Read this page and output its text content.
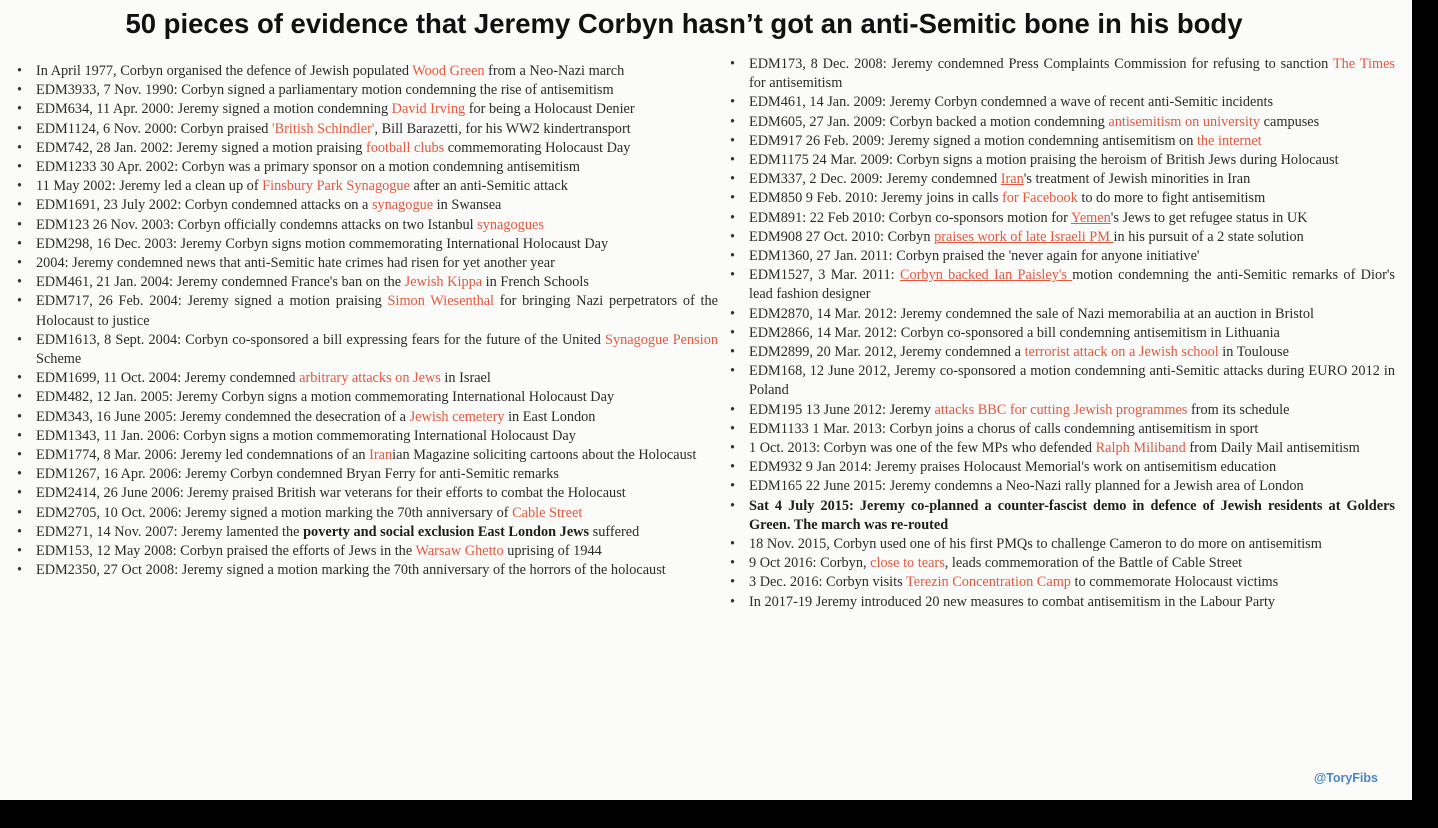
50 pieces of evidence that Jeremy Corbyn hasn’t got an anti-Semitic bone in his body
• In April 1977, Corbyn organised the defence of Jewish populated Wood Green from a Neo-Nazi march
• EDM3933, 7 Nov. 1990: Corbyn signed a parliamentary motion condemning the rise of antisemitism
• EDM634, 11 Apr. 2000: Jeremy signed a motion condemning David Irving for being a Holocaust Denier
• EDM1124, 6 Nov. 2000: Corbyn praised 'British Schindler', Bill Barazetti, for his WW2 kindertransport
• EDM742, 28 Jan. 2002: Jeremy signed a motion praising football clubs commemorating Holocaust Day
• EDM1233 30 Apr. 2002: Corbyn was a primary sponsor on a motion condemning antisemitism
• 11 May 2002: Jeremy led a clean up of Finsbury Park Synagogue after an anti-Semitic attack
• EDM1691, 23 July 2002: Corbyn condemned attacks on a synagogue in Swansea
• EDM123 26 Nov. 2003: Corbyn officially condemns attacks on two Istanbul synagogues
• EDM298, 16 Dec. 2003: Jeremy Corbyn signs motion commemorating International Holocaust Day
• 2004: Jeremy condemned news that anti-Semitic hate crimes had risen for yet another year
• EDM461, 21 Jan. 2004: Jeremy condemned France's ban on the Jewish Kippa in French Schools
• EDM717, 26 Feb. 2004: Jeremy signed a motion praising Simon Wiesenthal for bringing Nazi perpetrators of the Holocaust to justice
• EDM1613, 8 Sept. 2004: Corbyn co-sponsored a bill expressing fears for the future of the United Synagogue Pension Scheme
• EDM1699, 11 Oct. 2004: Jeremy condemned arbitrary attacks on Jews in Israel
• EDM482, 12 Jan. 2005: Jeremy Corbyn signs a motion commemorating International Holocaust Day
• EDM343, 16 June 2005: Jeremy condemned the desecration of a Jewish cemetery in East London
• EDM1343, 11 Jan. 2006: Corbyn signs a motion commemorating International Holocaust Day
• EDM1774, 8 Mar. 2006: Jeremy led condemnations of an Iranian Magazine soliciting cartoons about the Holocaust
• EDM1267, 16 Apr. 2006: Jeremy Corbyn condemned Bryan Ferry for anti-Semitic remarks
• EDM2414, 26 June 2006: Jeremy praised British war veterans for their efforts to combat the Holocaust
• EDM2705, 10 Oct. 2006: Jeremy signed a motion marking the 70th anniversary of Cable Street
• EDM271, 14 Nov. 2007: Jeremy lamented the poverty and social exclusion East London Jews suffered
• EDM153, 12 May 2008: Corbyn praised the efforts of Jews in the Warsaw Ghetto uprising of 1944
• EDM2350, 27 Oct 2008: Jeremy signed a motion marking the 70th anniversary of the horrors of the holocaust
• EDM173, 8 Dec. 2008: Jeremy condemned Press Complaints Commission for refusing to sanction The Times for antisemitism
• EDM461, 14 Jan. 2009: Jeremy Corbyn condemned a wave of recent anti-Semitic incidents
• EDM605, 27 Jan. 2009: Corbyn backed a motion condemning antisemitism on university campuses
• EDM917 26 Feb. 2009: Jeremy signed a motion condemning antisemitism on the internet
• EDM1175 24 Mar. 2009: Corbyn signs a motion praising the heroism of British Jews during Holocaust
• EDM337, 2 Dec. 2009: Jeremy condemned Iran's treatment of Jewish minorities in Iran
• EDM850 9 Feb. 2010: Jeremy joins in calls for Facebook to do more to fight antisemitism
• EDM891: 22 Feb 2010: Corbyn co-sponsors motion for Yemen's Jews to get refugee status in UK
• EDM908 27 Oct. 2010: Corbyn praises work of late Israeli PM in his pursuit of a 2 state solution
• EDM1360, 27 Jan. 2011: Corbyn praised the 'never again for anyone initiative'
• EDM1527, 3 Mar. 2011: Corbyn backed Ian Paisley's motion condemning the anti-Semitic remarks of Dior's lead fashion designer
• EDM2870, 14 Mar. 2012: Jeremy condemned the sale of Nazi memorabilia at an auction in Bristol
• EDM2866, 14 Mar. 2012: Corbyn co-sponsored a bill condemning antisemitism in Lithuania
• EDM2899, 20 Mar. 2012, Jeremy condemned a terrorist attack on a Jewish school in Toulouse
• EDM168, 12 June 2012, Jeremy co-sponsored a motion condemning anti-Semitic attacks during EURO 2012 in Poland
• EDM195 13 June 2012: Jeremy attacks BBC for cutting Jewish programmes from its schedule
• EDM1133 1 Mar. 2013: Corbyn joins a chorus of calls condemning antisemitism in sport
• 1 Oct. 2013: Corbyn was one of the few MPs who defended Ralph Miliband from Daily Mail antisemitism
• EDM932 9 Jan 2014: Jeremy praises Holocaust Memorial's work on antisemitism education
• EDM165 22 June 2015: Jeremy condemns a Neo-Nazi rally planned for a Jewish area of London
• Sat 4 July 2015: Jeremy co-planned a counter-fascist demo in defence of Jewish residents at Golders Green. The march was re-routed
• 18 Nov. 2015, Corbyn used one of his first PMQs to challenge Cameron to do more on antisemitism
• 9 Oct 2016: Corbyn, close to tears, leads commemoration of the Battle of Cable Street
• 3 Dec. 2016: Corbyn visits Terezin Concentration Camp to commemorate Holocaust victims
• In 2017-19 Jeremy introduced 20 new measures to combat antisemitism in the Labour Party
@ToryFibs
